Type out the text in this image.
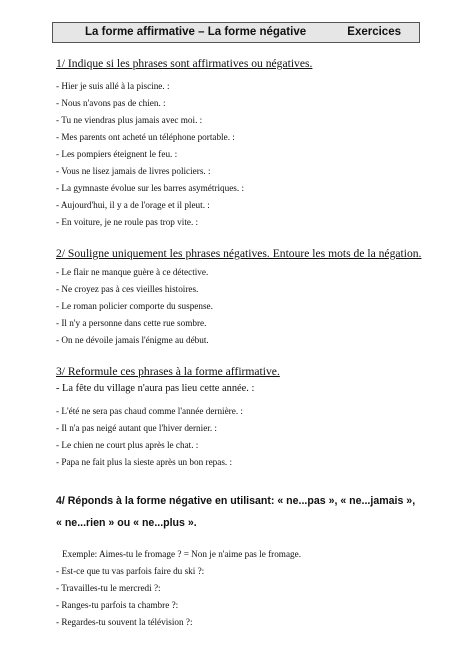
La forme affirmative – La forme négative	Exercices
1/ Indique si les phrases sont affirmatives ou négatives.
- Hier je suis allé à la piscine. :
- Nous n'avons pas de chien. :
- Tu ne viendras plus jamais avec moi. :
- Mes parents ont acheté un téléphone portable. :
- Les pompiers éteignent le feu. :
- Vous ne lisez jamais de livres policiers. :
- La gymnaste évolue sur les barres asymétriques. :
- Aujourd'hui, il y a de l'orage et il pleut. :
- En voiture, je ne roule pas trop vite. :
2/ Souligne uniquement les phrases négatives. Entoure les mots de la négation.
- Le flair ne manque guère à ce détective.
- Ne croyez pas à ces vieilles histoires.
- Le roman policier comporte du suspense.
- Il n'y a personne dans cette rue sombre.
- On ne dévoile jamais l'énigme au début.
3/ Reformule ces phrases à la forme affirmative.
- La fête du village n'aura pas lieu cette année. :
- L'été ne sera pas chaud comme l'année dernière. :
- Il n'a pas neigé autant que l'hiver dernier. :
- Le chien ne court plus après le chat. :
- Papa ne fait plus la sieste après un bon repas. :
4/ Réponds à la forme négative en utilisant: « ne...pas », « ne...jamais », « ne...rien » ou « ne...plus ».
Exemple: Aimes-tu le fromage ? = Non je n'aime pas le fromage.
- Est-ce que tu vas parfois faire du ski ?:
- Travailles-tu le mercredi ?:
- Ranges-tu parfois ta chambre ?:
- Regardes-tu souvent la télévision ?:
